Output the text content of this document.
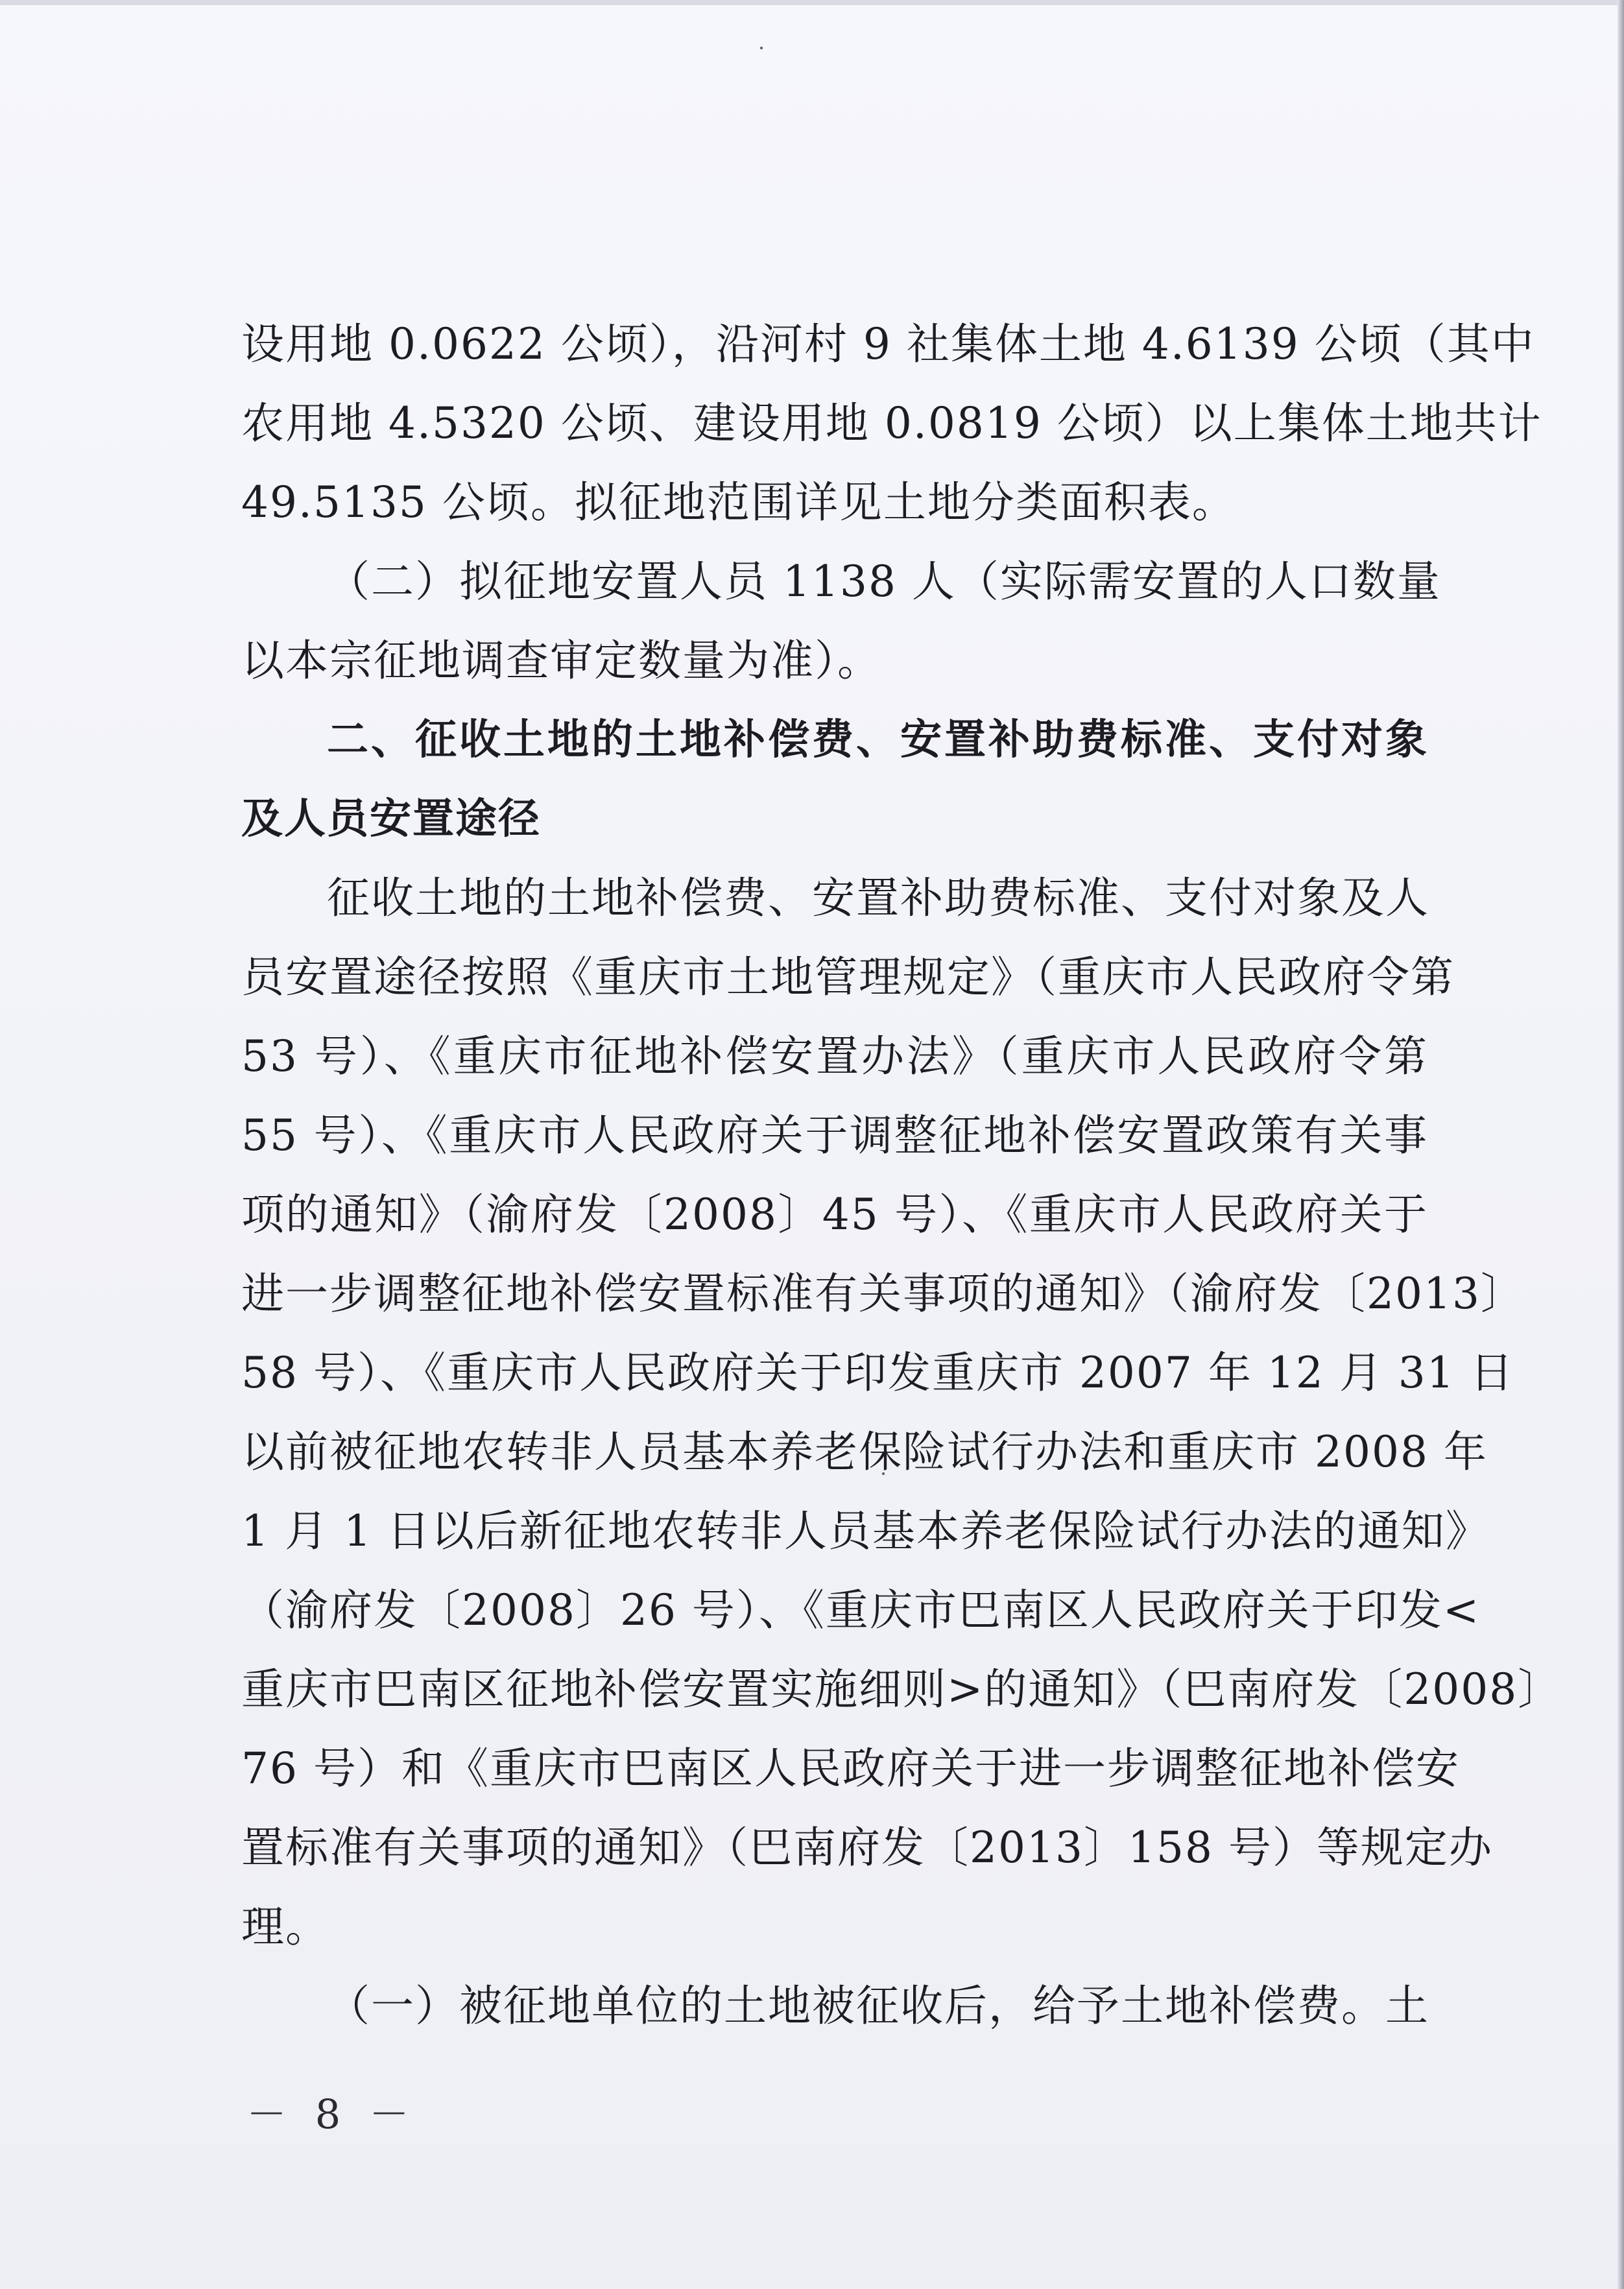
设用地 0.0622 公顷），沿河村 9 社集体土地 4.6139 公顷（其中
农用地 4.5320 公顷、建设用地 0.0819 公顷）以上集体土地共计
49.5135 公顷。拟征地范围详见土地分类面积表。
（二）拟征地安置人员 1138 人（实际需安置的人口数量
以本宗征地调查审定数量为准）。
二、征收土地的土地补偿费、安置补助费标准、支付对象
及人员安置途径
征收土地的土地补偿费、安置补助费标准、支付对象及人
员安置途径按照《重庆市土地管理规定》（重庆市人民政府令第
53 号）、《重庆市征地补偿安置办法》（重庆市人民政府令第
55 号）、《重庆市人民政府关于调整征地补偿安置政策有关事
项的通知》（渝府发〔2008〕45 号）、《重庆市人民政府关于
进一步调整征地补偿安置标准有关事项的通知》（渝府发〔2013〕
58 号）、《重庆市人民政府关于印发重庆市 2007 年 12 月 31 日
以前被征地农转非人员基本养老保险试行办法和重庆市 2008 年
1 月 1 日以后新征地农转非人员基本养老保险试行办法的通知》
（渝府发〔2008〕26 号）、《重庆市巴南区人民政府关于印发<
重庆市巴南区征地补偿安置实施细则>的通知》（巴南府发〔2008〕
76 号）和《重庆市巴南区人民政府关于进一步调整征地补偿安
置标准有关事项的通知》（巴南府发〔2013〕158 号）等规定办
理。
（一）被征地单位的土地被征收后，给予土地补偿费。土
－ 8 －
